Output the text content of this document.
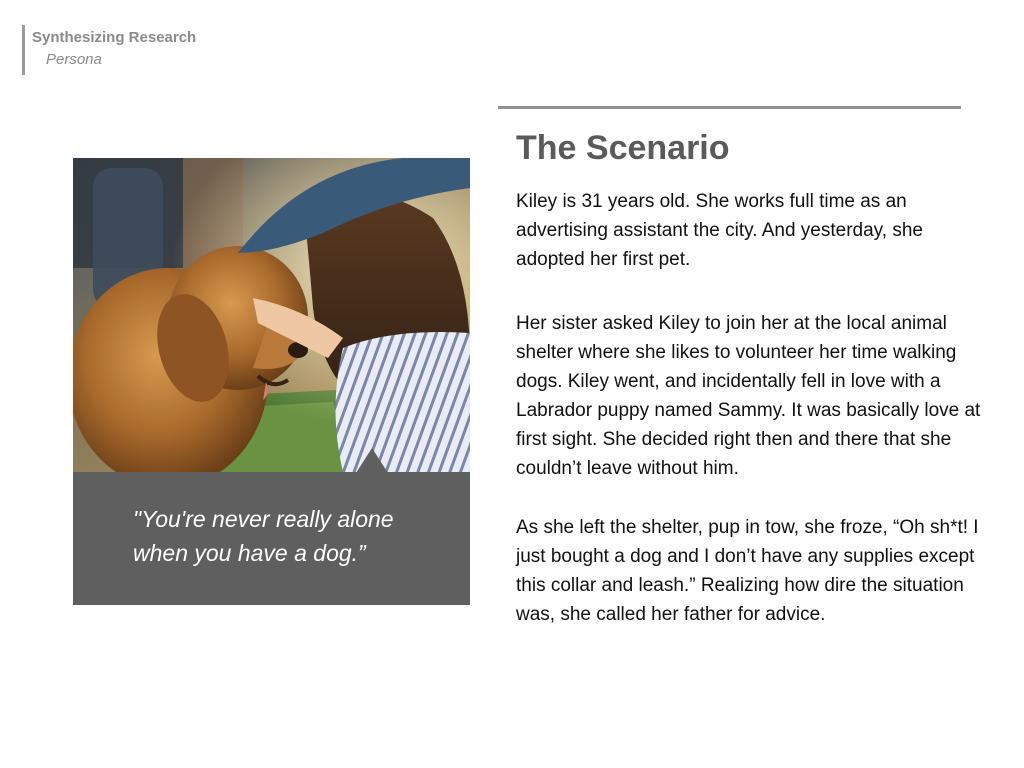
Synthesizing Research
Persona
"You're never really alone when you have a dog.”
The Scenario

Kiley is 31 years old. She works full time as an advertising assistant the city. And yesterday, she adopted her first pet.

Her sister asked Kiley to join her at the local animal shelter where she likes to volunteer her time walking dogs. Kiley went, and incidentally fell in love with a Labrador puppy named Sammy. It was basically love at first sight. She decided right then and there that she couldn’t leave without him.

As she left the shelter, pup in tow, she froze, “Oh sh*t! I just bought a dog and I don’t have any supplies except this collar and leash.” Realizing how dire the situation was, she called her father for advice.
